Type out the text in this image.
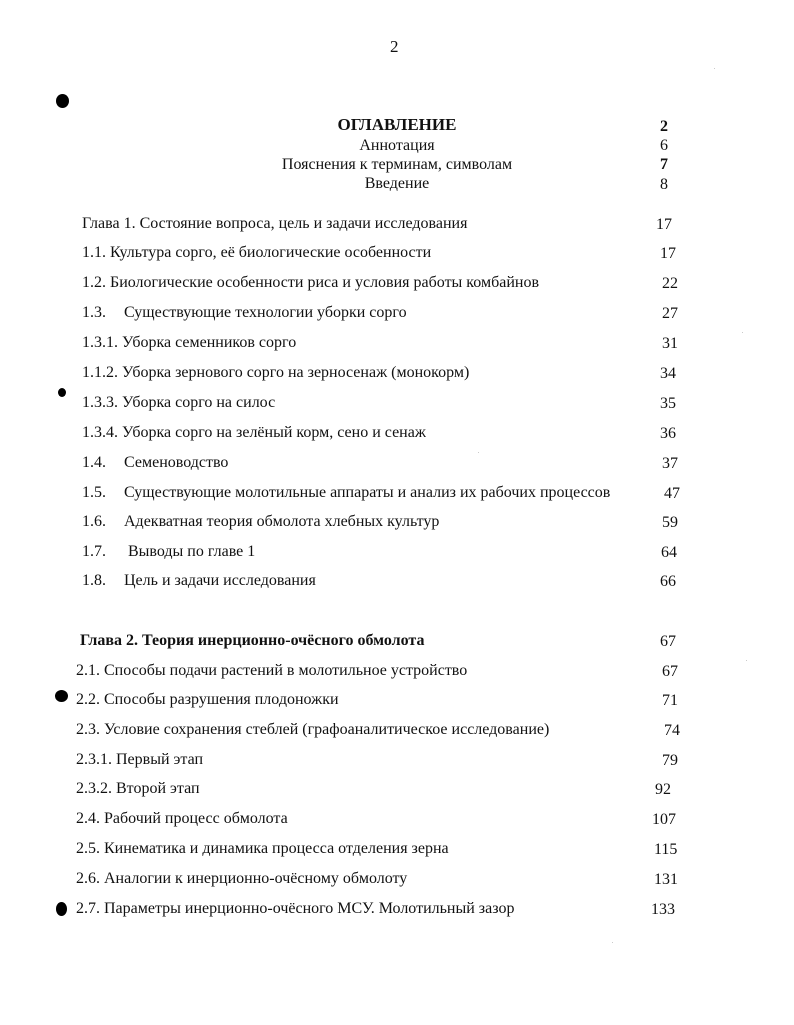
2
ОГЛАВЛЕНИЕ	2
Аннотация	6
Пояснения к терминам, символам	7
Введение	8
Глава 1. Состояние вопроса, цель и задачи исследования	17
1.1. Культура сорго, её биологические особенности	17
1.2. Биологические особенности риса и условия работы комбайнов	22
1.3. Существующие технологии уборки сорго	27
1.3.1. Уборка семенников сорго	31
1.1.2. Уборка зернового сорго на зерносенаж (монокорм)	34
1.3.3. Уборка сорго на силос	35
1.3.4. Уборка сорго на зелёный корм, сено и сенаж	36
1.4. Семеноводство	37
1.5. Существующие молотильные аппараты и анализ их рабочих процессов	47
1.6. Адекватная теория обмолота хлебных культур	59
1.7. Выводы по главе 1	64
1.8. Цель и задачи исследования	66
Глава 2. Теория инерционно-очёсного обмолота	67
2.1. Способы подачи растений в молотильное устройство	67
2.2. Способы разрушения плодоножки	71
2.3. Условие сохранения стеблей (графоаналитическое исследование)	74
2.3.1. Первый этап	79
2.3.2. Второй этап	92
2.4. Рабочий процесс обмолота	107
2.5. Кинематика и динамика процесса отделения зерна	115
2.6. Аналогии к инерционно-очёсному обмолоту	131
2.7. Параметры инерционно-очёсного МСУ. Молотильный зазор	133
